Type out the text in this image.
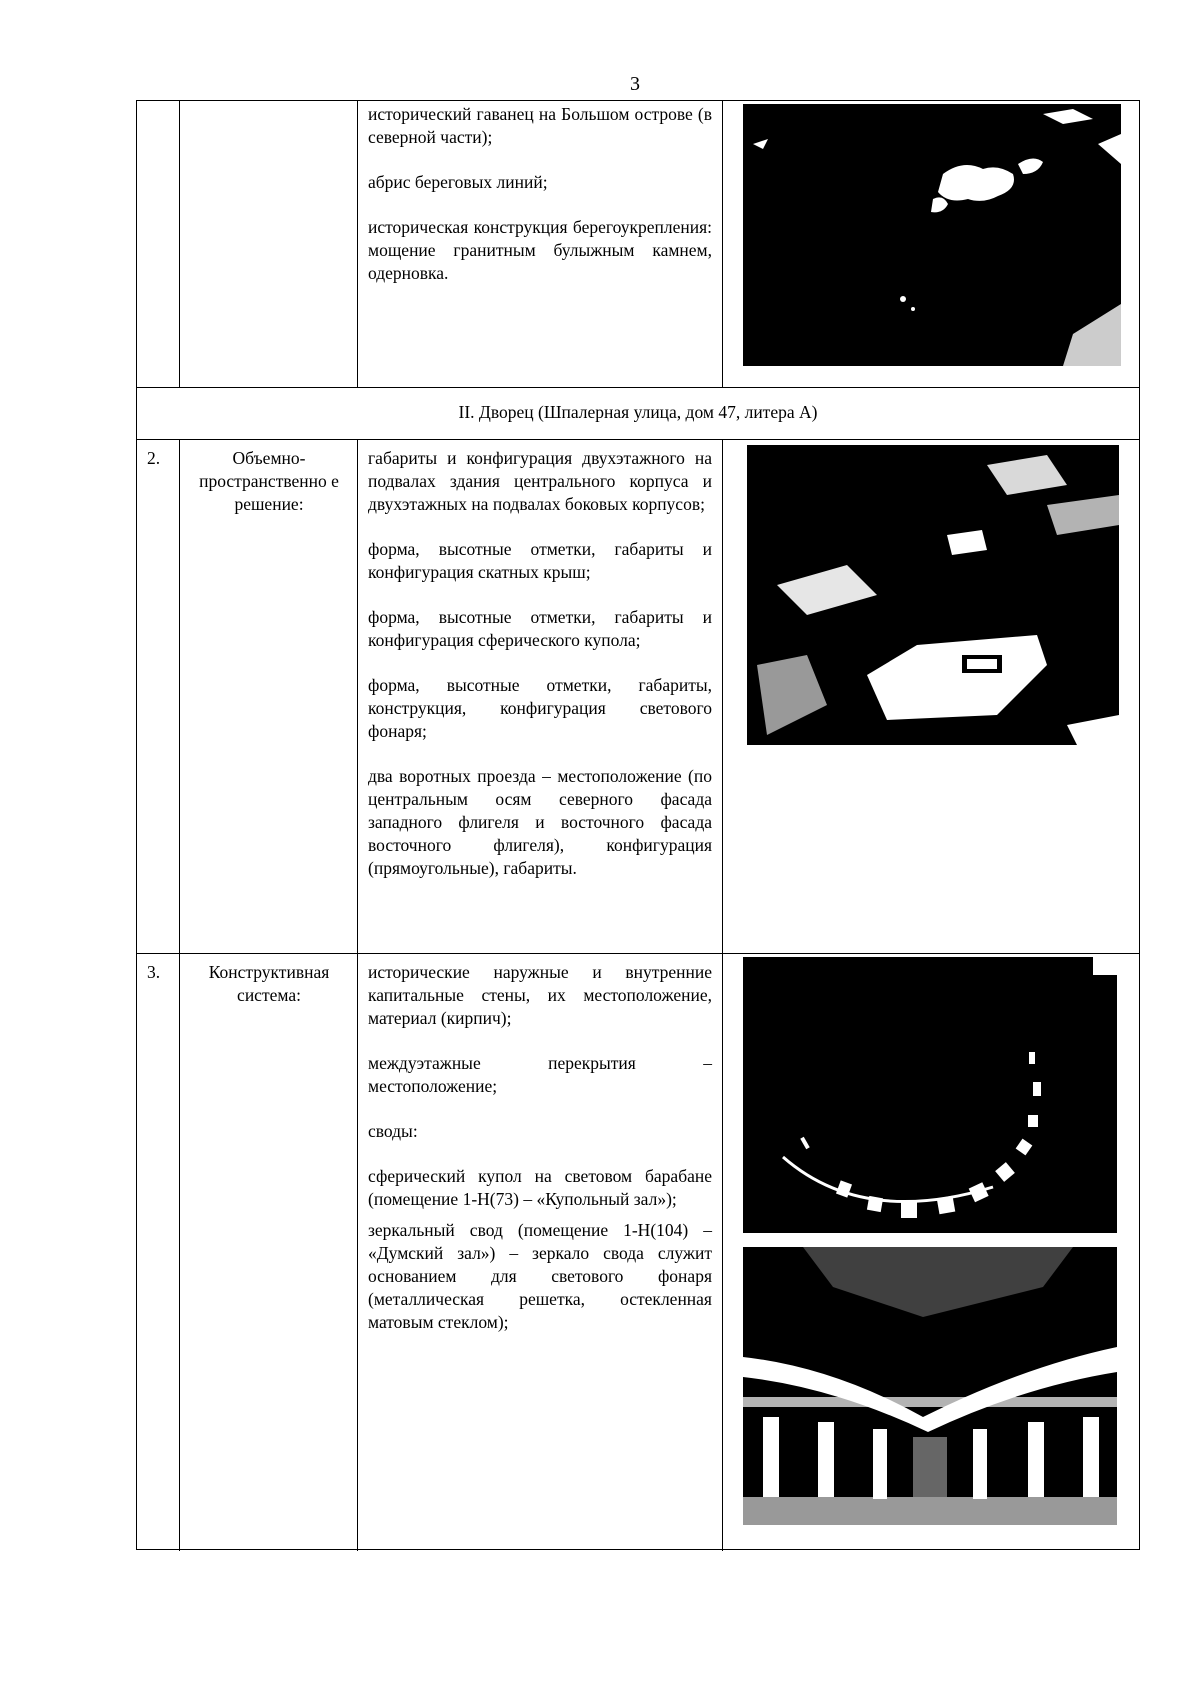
3

исторический гаванец на Большом острове (в северной части);

абрис береговых линий;

историческая конструкция берегоукрепления: мощение гранитным булыжным камнем, одерновка.

II. Дворец (Шпалерная улица, дом 47, литера А)
2.	Объемно-пространственно е решение:

габариты и конфигурация двухэтажного на подвалах здания центрального корпуса и двухэтажных на подвалах боковых корпусов;

форма, высотные отметки, габариты и конфигурация скатных крыш;

форма, высотные отметки, габариты и конфигурация сферического купола;

форма, высотные отметки, габариты, конструкция, конфигурация светового фонаря;

два воротных проезда – местоположение (по центральным осям северного фасада западного флигеля и восточного фасада восточного флигеля), конфигурация (прямоугольные), габариты.

3.	Конструктивная система:

исторические наружные и внутренние капитальные стены, их местоположение, материал (кирпич);

междуэтажные перекрытия – местоположение;

своды:

сферический купол на световом барабане (помещение 1-Н(73) – «Купольный зал»);

зеркальный свод (помещение 1-Н(104) – «Думский зал») – зеркало свода служит основанием для светового фонаря (металлическая решетка, остекленная матовым стеклом);
